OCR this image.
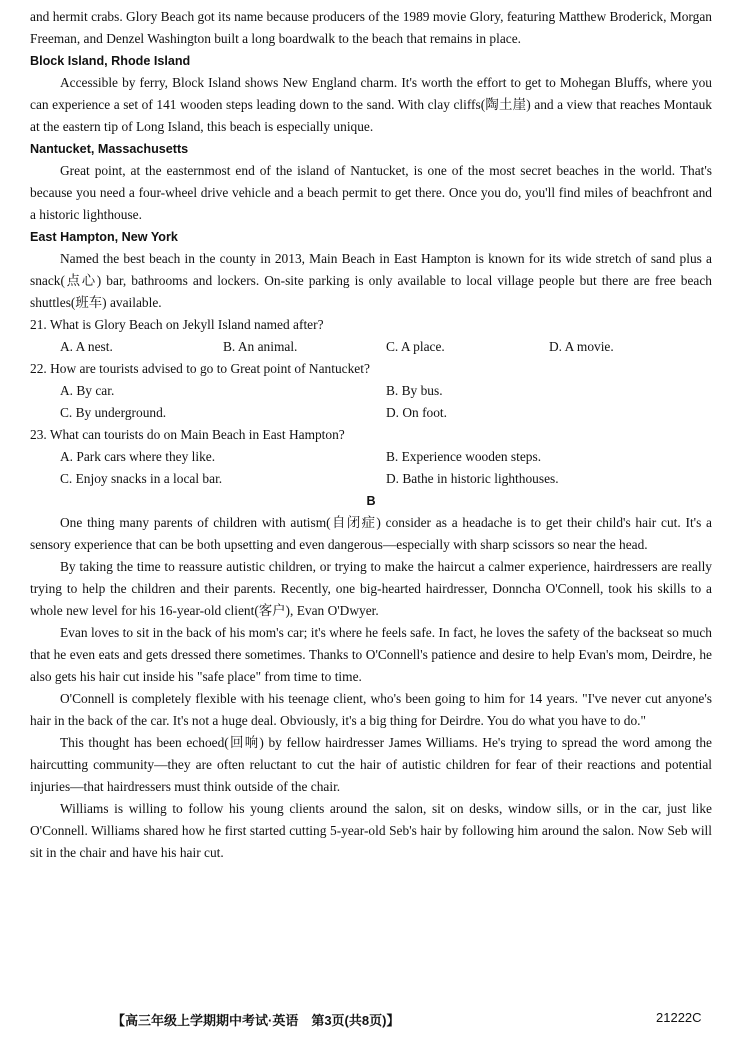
and hermit crabs. Glory Beach got its name because producers of the 1989 movie Glory, featuring Matthew Broderick, Morgan Freeman, and Denzel Washington built a long boardwalk to the beach that remains in place.

Block Island, Rhode Island

Accessible by ferry, Block Island shows New England charm. It's worth the effort to get to Mohegan Bluffs, where you can experience a set of 141 wooden steps leading down to the sand. With clay cliffs(陶土崖) and a view that reaches Montauk at the eastern tip of Long Island, this beach is especially unique.

Nantucket, Massachusetts

Great point, at the easternmost end of the island of Nantucket, is one of the most secret beaches in the world. That's because you need a four-wheel drive vehicle and a beach permit to get there. Once you do, you'll find miles of beachfront and a historic lighthouse.

East Hampton, New York

Named the best beach in the county in 2013, Main Beach in East Hampton is known for its wide stretch of sand plus a snack(点心) bar, bathrooms and lockers. On-site parking is only available to local village people but there are free beach shuttles(班车) available.

21. What is Glory Beach on Jekyll Island named after?
A. A nest.	B. An animal.	C. A place.	D. A movie.
22. How are tourists advised to go to Great point of Nantucket?
A. By car.	B. By bus.
C. By underground.	D. On foot.
23. What can tourists do on Main Beach in East Hampton?
A. Park cars where they like.	B. Experience wooden steps.
C. Enjoy snacks in a local bar.	D. Bathe in historic lighthouses.
B

One thing many parents of children with autism(自闭症) consider as a headache is to get their child's hair cut. It's a sensory experience that can be both upsetting and even dangerous—especially with sharp scissors so near the head.

By taking the time to reassure autistic children, or trying to make the haircut a calmer experience, hairdressers are really trying to help the children and their parents. Recently, one big-hearted hairdresser, Donncha O'Connell, took his skills to a whole new level for his 16-year-old client(客户), Evan O'Dwyer.

Evan loves to sit in the back of his mom's car; it's where he feels safe. In fact, he loves the safety of the backseat so much that he even eats and gets dressed there sometimes. Thanks to O'Connell's patience and desire to help Evan's mom, Deirdre, he also gets his hair cut inside his "safe place" from time to time.

O'Connell is completely flexible with his teenage client, who's been going to him for 14 years. "I've never cut anyone's hair in the back of the car. It's not a huge deal. Obviously, it's a big thing for Deirdre. You do what you have to do."

This thought has been echoed(回响) by fellow hairdresser James Williams. He's trying to spread the word among the haircutting community—they are often reluctant to cut the hair of autistic children for fear of their reactions and potential injuries—that hairdressers must think outside of the chair.

Williams is willing to follow his young clients around the salon, sit on desks, window sills, or in the car, just like O'Connell. Williams shared how he first started cutting 5-year-old Seb's hair by following him around the salon. Now Seb will sit in the chair and have his hair cut.

【高三年级上学期期中考试·英语　第3页(共8页)】	21222C
